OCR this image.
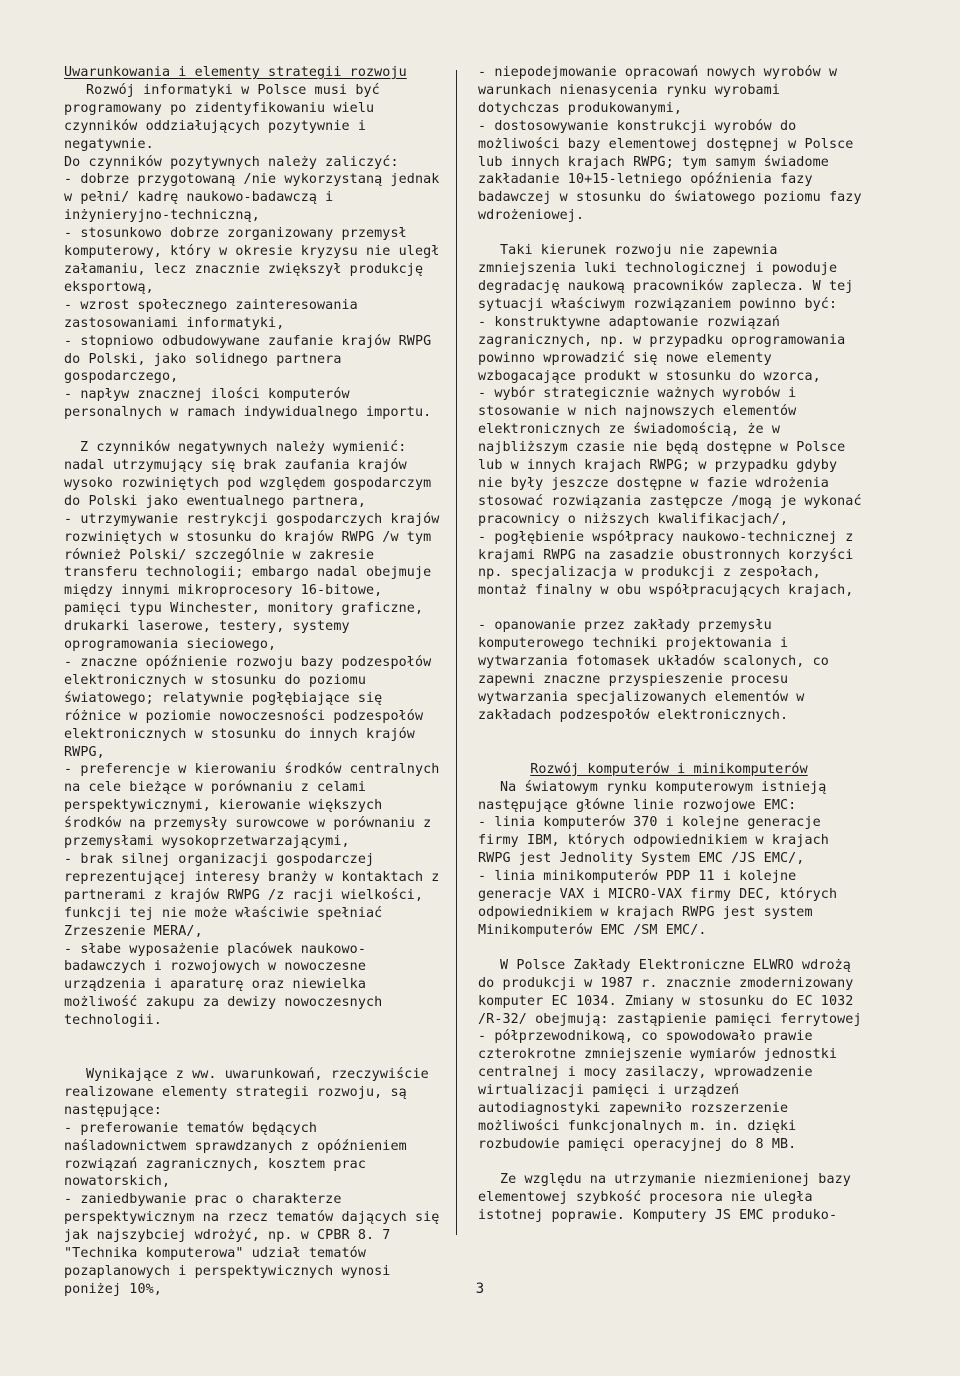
Uwarunkowania i elementy strategii rozwoju

Rozwój informatyki w Polsce musi być programowany po zidentyfikowaniu wielu czynników oddziałujących pozytywnie i negatywnie.

Do czynników pozytywnych należy zaliczyć:

- dobrze przygotowaną /nie wykorzystaną jednak w pełni/ kadrę naukowo-badawczą i inżynieryjno-techniczną,

- stosunkowo dobrze zorganizowany przemysł komputerowy, który w okresie kryzysu nie uległ załamaniu, lecz znacznie zwiększył produkcję eksportową,

- wzrost społecznego zainteresowania zastosowaniami informatyki,

- stopniowo odbudowywane zaufanie krajów RWPG do Polski, jako solidnego partnera gospodarczego,

- napływ znacznej ilości komputerów personalnych w ramach indywidualnego importu.

Z czynników negatywnych należy wymienić:

nadal utrzymujący się brak zaufania krajów wysoko rozwiniętych pod względem gospodarczym do Polski jako ewentualnego partnera,

- utrzymywanie restrykcji gospodarczych krajów rozwiniętych w stosunku do krajów RWPG /w tym również Polski/ szczególnie w zakresie transferu technologii; embargo nadal obejmuje między innymi mikroprocesory 16-bitowe, pamięci typu Winchester, monitory graficzne, drukarki laserowe, testery, systemy oprogramowania sieciowego,

- znaczne opóźnienie rozwoju bazy podzespołów elektronicznych w stosunku do poziomu światowego; relatywnie pogłębiające się różnice w poziomie nowoczesności podzespołów elektronicznych w stosunku do innych krajów RWPG,

- preferencje w kierowaniu środków centralnych na cele bieżące w porównaniu z celami perspektywicznymi, kierowanie większych środków na przemysły surowcowe w porównaniu z przemysłami wysokoprzetwarzającymi,

- brak silnej organizacji gospodarczej reprezentującej interesy branży w kontaktach z partnerami z krajów RWPG /z racji wielkości, funkcji tej nie może właściwie spełniać Zrzeszenie MERA/,

- słabe wyposażenie placówek naukowo-badawczych i rozwojowych w nowoczesne urządzenia i aparaturę oraz niewielka możliwość zakupu za dewizy nowoczesnych technologii.

Wynikające z ww. uwarunkowań, rzeczywiście realizowane elementy strategii rozwoju, są następujące:

- preferowanie tematów będących naśladownictwem sprawdzanych z opóźnieniem rozwiązań zagranicznych, kosztem prac nowatorskich,

- zaniedbywanie prac o charakterze perspektywicznym na rzecz tematów dających się jak najszybciej wdrożyć, np. w CPBR 8. 7 "Technika komputerowa" udział tematów pozaplanowych i perspektywicznych wynosi poniżej 10%,

- niepodejmowanie opracowań nowych wyrobów w warunkach nienasycenia rynku wyrobami dotychczas produkowanymi,

- dostosowywanie konstrukcji wyrobów do możliwości bazy elementowej dostępnej w Polsce lub innych krajach RWPG; tym samym świadome zakładanie 10+15-letniego opóźnienia fazy badawczej w stosunku do światowego poziomu fazy wdrożeniowej.

Taki kierunek rozwoju nie zapewnia zmniejszenia luki technologicznej i powoduje degradację naukową pracowników zaplecza. W tej sytuacji właściwym rozwiązaniem powinno być:

- konstruktywne adaptowanie rozwiązań zagranicznych, np. w przypadku oprogramowania powinno wprowadzić się nowe elementy wzbogacające produkt w stosunku do wzorca,

- wybór strategicznie ważnych wyrobów i stosowanie w nich najnowszych elementów elektronicznych ze świadomością, że w najbliższym czasie nie będą dostępne w Polsce lub w innych krajach RWPG; w przypadku gdyby nie były jeszcze dostępne w fazie wdrożenia stosować rozwiązania zastępcze /mogą je wykonać pracownicy o niższych kwalifikacjach/,

- pogłębienie współpracy naukowo-technicznej z krajami RWPG na zasadzie obustronnych korzyści np. specjalizacja w produkcji z zespołach, montaż finalny w obu współpracujących krajach,

- opanowanie przez zakłady przemysłu komputerowego techniki projektowania i wytwarzania fotomasek układów scalonych, co zapewni znaczne przyspieszenie procesu wytwarzania specjalizowanych elementów w zakładach podzespołów elektronicznych.

Rozwój komputerów i minikomputerów

Na światowym rynku komputerowym istnieją następujące główne linie rozwojowe EMC:

- linia komputerów 370 i kolejne generacje firmy IBM, których odpowiednikiem w krajach RWPG jest Jednolity System EMC /JS EMC/,

- linia minikomputerów PDP 11 i kolejne generacje VAX i MICRO-VAX firmy DEC, których odpowiednikiem w krajach RWPG jest system Minikomputerów EMC /SM EMC/.

W Polsce Zakłady Elektroniczne ELWRO wdrożą do produkcji w 1987 r. znacznie zmodernizowany komputer EC 1034. Zmiany w stosunku do EC 1032 /R-32/ obejmują: zastąpienie pamięci ferrytowej - półprzewodnikową, co spowodowało prawie czterokrotne zmniejszenie wymiarów jednostki centralnej i mocy zasilaczy, wprowadzenie wirtualizacji pamięci i urządzeń autodiagnostyki zapewniło rozszerzenie możliwości funkcjonalnych m. in. dzięki rozbudowie pamięci operacyjnej do 8 MB.

Ze względu na utrzymanie niezmienionej bazy elementowej szybkość procesora nie uległa istotnej poprawie. Komputery JS EMC produko-

3
